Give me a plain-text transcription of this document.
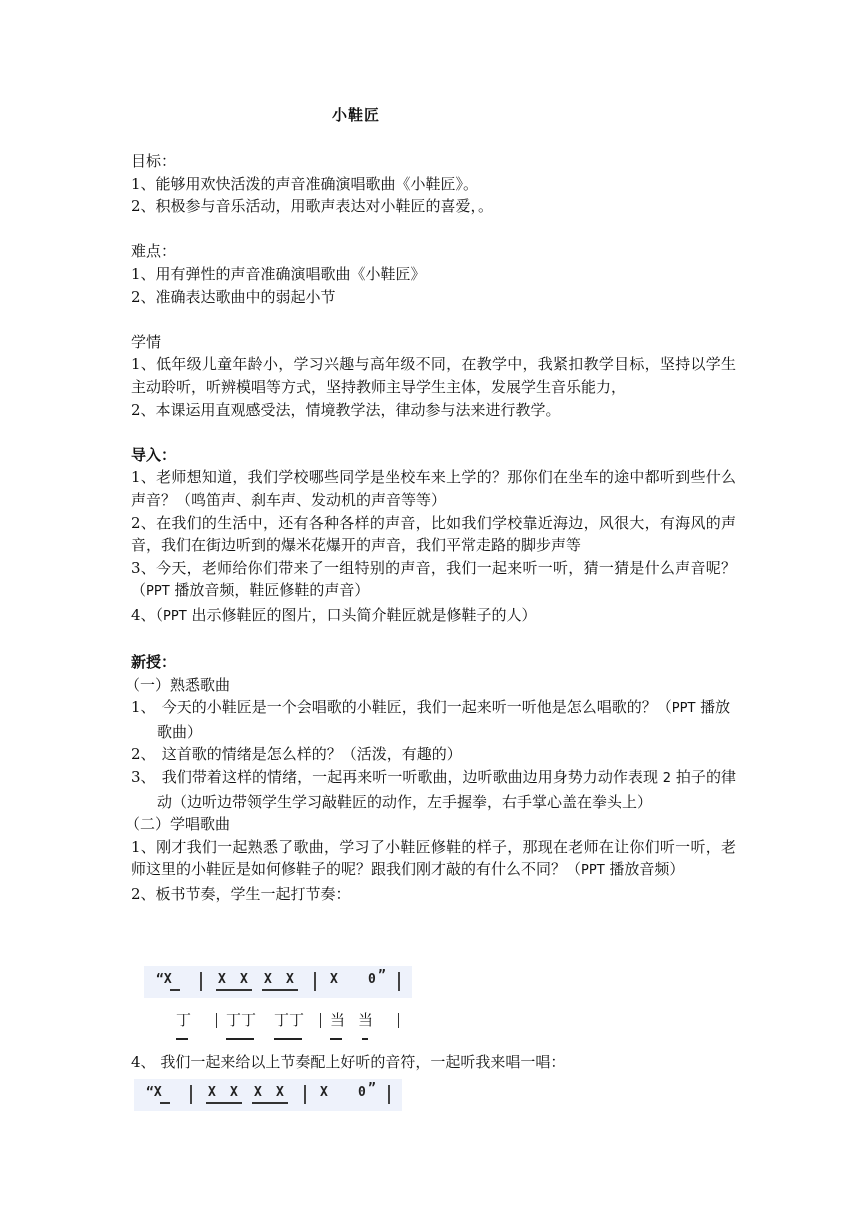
小鞋匠
目标：
1、能够用欢快活泼的声音准确演唱歌曲《小鞋匠》。
2、积极参与音乐活动，用歌声表达对小鞋匠的喜爱，。
难点：
1、用有弹性的声音准确演唱歌曲《小鞋匠》
2、准确表达歌曲中的弱起小节
学情
1、低年级儿童年龄小，学习兴趣与高年级不同，在教学中，我紧扣教学目标，坚持以学生主动聆听，听辨模唱等方式，坚持教师主导学生主体，发展学生音乐能力，
2、本课运用直观感受法，情境教学法，律动参与法来进行教学。
导入：
1、老师想知道，我们学校哪些同学是坐校车来上学的？那你们在坐车的途中都听到些什么声音？（鸣笛声、刹车声、发动机的声音等等）
2、在我们的生活中，还有各种各样的声音，比如我们学校靠近海边，风很大，有海风的声音，我们在街边听到的爆米花爆开的声音，我们平常走路的脚步声等
3、今天，老师给你们带来了一组特别的声音，我们一起来听一听，猜一猜是什么声音呢？（PPT 播放音频，鞋匠修鞋的声音）
4、（PPT 出示修鞋匠的图片，口头简介鞋匠就是修鞋子的人）
新授：
（一）熟悉歌曲
1、 今天的小鞋匠是一个会唱歌的小鞋匠，我们一起来听一听他是怎么唱歌的？（PPT 播放歌曲）
2、 这首歌的情绪是怎么样的？（活泼，有趣的）
3、 我们带着这样的情绪，一起再来听一听歌曲，边听歌曲边用身势力动作表现 2 拍子的律动（边听边带领学生学习敲鞋匠的动作，左手握拳，右手掌心盖在拳头上）
（二）学唱歌曲
1、刚才我们一起熟悉了歌曲，学习了小鞋匠修鞋的样子，那现在老师在让你们听一听，老师这里的小鞋匠是如何修鞋子的呢？跟我们刚才敲的有什么不同？（PPT 播放音频）
2、板书节奏，学生一起打节奏：
“X	X X X X	X 0 ”
丁 丁丁 丁丁 当 当
4、 我们一起来给以上节奏配上好听的音符，一起听我来唱一唱：
“X	X X X X	X 0 ”
